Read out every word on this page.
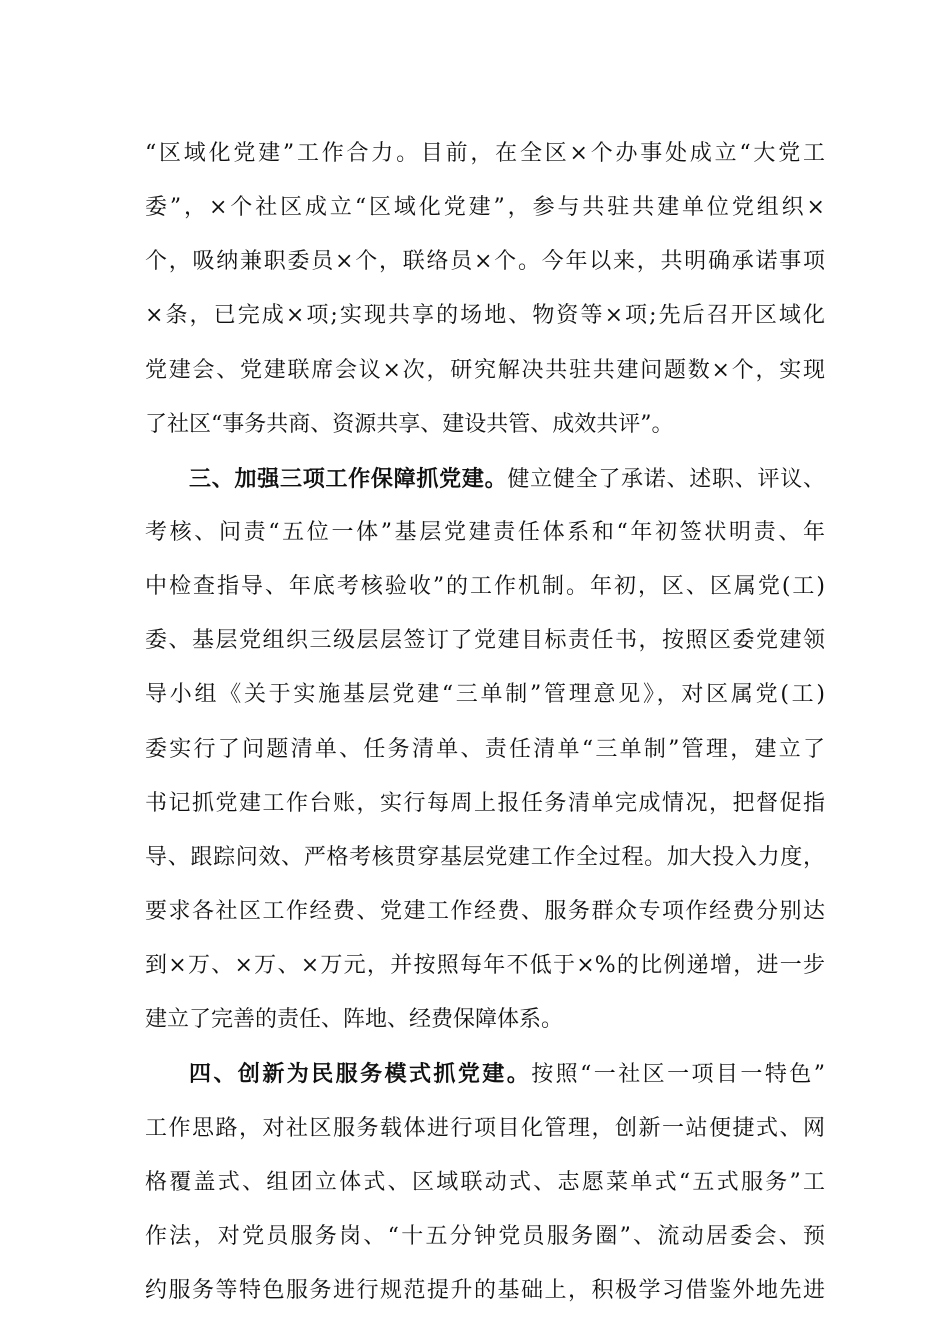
“区域化党建”工作合力。目前，在全区×个办事处成立“大党工
委”，×个社区成立“区域化党建”，参与共驻共建单位党组织×
个，吸纳兼职委员×个，联络员×个。今年以来，共明确承诺事项
×条，已完成×项;实现共享的场地、物资等×项;先后召开区域化
党建会、党建联席会议×次，研究解决共驻共建问题数×个，实现
了社区“事务共商、资源共享、建设共管、成效共评”。
三、加强三项工作保障抓党建。健立健全了承诺、述职、评议、
考核、问责“五位一体”基层党建责任体系和“年初签状明责、年
中检查指导、年底考核验收”的工作机制。年初，区、区属党(工)
委、基层党组织三级层层签订了党建目标责任书，按照区委党建领
导小组《关于实施基层党建“三单制”管理意见》，对区属党(工)
委实行了问题清单、任务清单、责任清单“三单制”管理，建立了
书记抓党建工作台账，实行每周上报任务清单完成情况，把督促指
导、跟踪问效、严格考核贯穿基层党建工作全过程。加大投入力度，
要求各社区工作经费、党建工作经费、服务群众专项作经费分别达
到×万、×万、×万元，并按照每年不低于×%的比例递增，进一步
建立了完善的责任、阵地、经费保障体系。
四、创新为民服务模式抓党建。按照“一社区一项目一特色”
工作思路，对社区服务载体进行项目化管理，创新一站便捷式、网
格覆盖式、组团立体式、区域联动式、志愿菜单式“五式服务”工
作法，对党员服务岗、“十五分钟党员服务圈”、流动居委会、预
约服务等特色服务进行规范提升的基础上，积极学习借鉴外地先进
